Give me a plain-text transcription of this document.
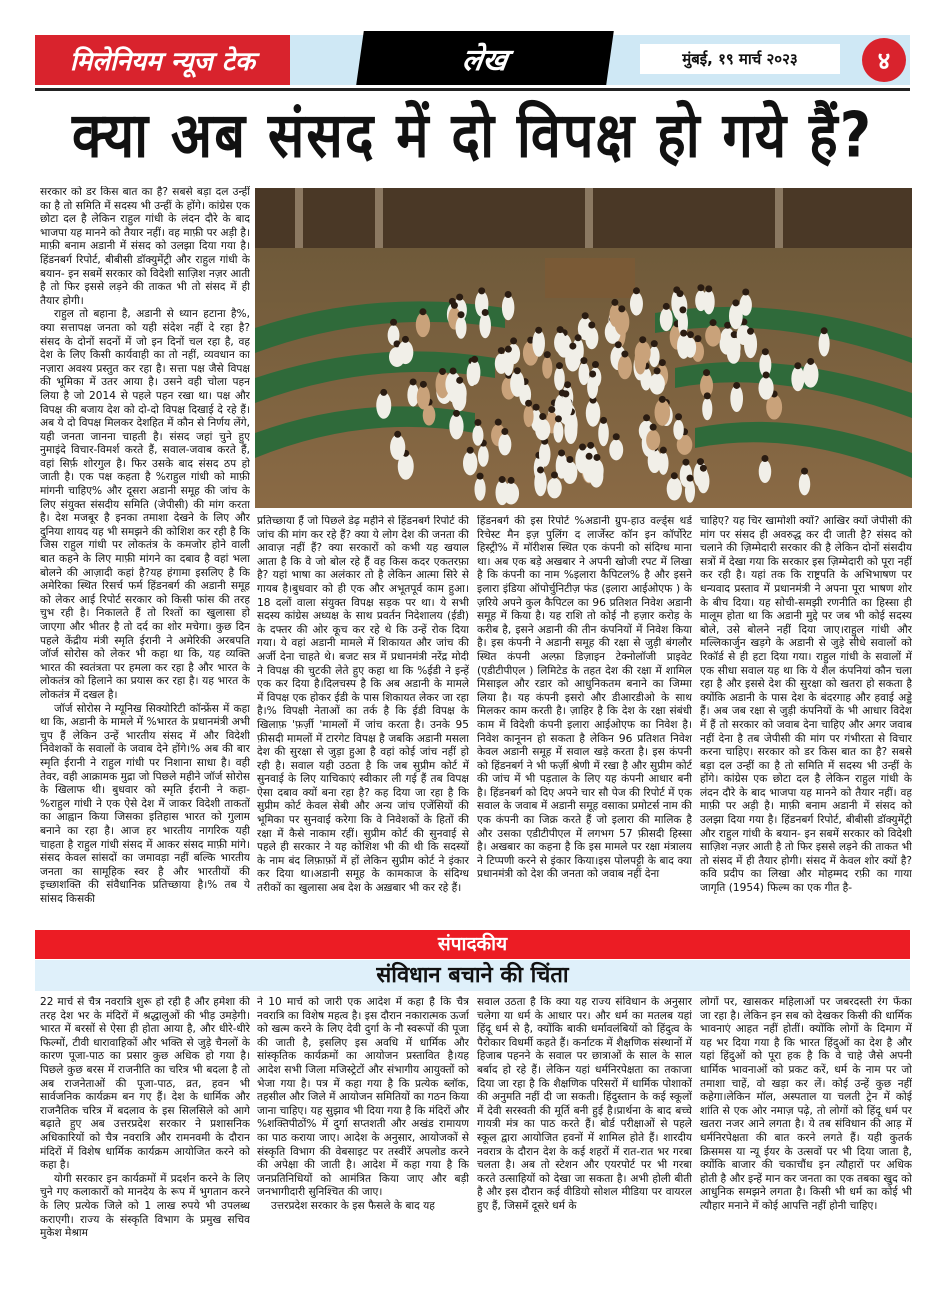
मिलेनियम न्यूज टेक	लेख	मुंबई, १९ मार्च २०२३	४
क्या अब संसद में दो विपक्ष हो गये हैं?

सरकार को डर किस बात का है? सबसे बड़ा दल उन्हीं का है तो समिति में सदस्य भी उन्हीं के होंगे। कांग्रेस एक छोटा दल है लेकिन राहुल गांधी के लंदन दौरे के बाद भाजपा यह मानने को तैयार नहीं। वह माफ़ी पर अड़ी है। माफ़ी बनाम अडानी में संसद को उलझा दिया गया है। हिंडनबर्ग रिपोर्ट, बीबीसी डॉक्युमेंट्री और राहुल गांधी के बयान- इन सबमें सरकार को विदेशी साज़िश नज़र आती है तो फिर इससे लड़ने की ताकत भी तो संसद में ही तैयार होगी।

राहुल तो बहाना है, अडानी से ध्यान हटाना है%, क्या सत्तापक्ष जनता को यही संदेश नहीं दे रहा है? संसद के दोनों सदनों में जो इन दिनों चल रहा है, वह देश के लिए किसी कार्यवाही का तो नहीं, व्यवधान का नज़ारा अवश्य प्रस्तुत कर रहा है। सत्ता पक्ष जैसे विपक्ष की भूमिका में उतर आया है। उसने वही चोला पहन लिया है जो 2014 से पहले पहन रखा था। पक्ष और विपक्ष की बजाय देश को दो-दो विपक्ष दिखाई दे रहे हैं। अब ये दो विपक्ष मिलकर देशहित में कौन से निर्णय लेंगे, यही जनता जानना चाहती है। संसद जहां चुने हुए नुमाइंदे विचार-विमर्श करते हैं, सवाल-जवाब करते हैं, वहां सिर्फ़ शोरगुल है। फिर उसके बाद संसद ठप हो जाती है। एक पक्ष कहता है %राहुल गांधी को माफ़ी मांगनी चाहिए% और दूसरा अडानी समूह की जांच के लिए संयुक्त संसदीय समिति (जेपीसी) की मांग करता है। देश मजबूर है इनका तमाशा देखने के लिए और दुनिया शायद यह भी समझने की कोशिश कर रही है कि जिस राहुल गांधी पर लोकतंत्र के कमजोर होने वाली बात कहने के लिए माफ़ी मांगने का दबाव है वहां भला बोलने की आज़ादी कहां है?यह हंगामा इसलिए है कि अमेरिका स्थित रिसर्च फर्म हिंडनबर्ग की अडानी समूह को लेकर आई रिपोर्ट सरकार को किसी फांस की तरह चुभ रही है। निकालते हैं तो रिश्तों का खुलासा हो जाएगा और भीतर है तो दर्द का शोर मचेगा। कुछ दिन पहले केंद्रीय मंत्री स्मृति ईरानी ने अमेरिकी अरबपति जॉर्ज सोरोस को लेकर भी कहा था कि, यह व्यक्ति भारत की स्वतंत्रता पर हमला कर रहा है और भारत के लोकतंत्र को हिलाने का प्रयास कर रहा है। यह भारत के लोकतंत्र में दखल है।

जॉर्ज सोरोस ने म्यूनिख सिक्योरिटी कॉन्फ्रेंस में कहा था कि, अडानी के मामले में %भारत के प्रधानमंत्री अभी चुप हैं लेकिन उन्हें भारतीय संसद में और विदेशी निवेशकों के सवालों के जवाब देने होंगे।% अब की बार स्मृति ईरानी ने राहुल गांधी पर निशाना साधा है। वही तेवर, वही आक्रामक मुद्रा जो पिछले महीने जॉर्ज सोरोस के खिलाफ थी। बुधवार को स्मृति ईरानी ने कहा- %राहुल गांधी ने एक ऐसे देश में जाकर विदेशी ताकतों का आह्वान किया जिसका इतिहास भारत को गुलाम बनाने का रहा है। आज हर भारतीय नागरिक यही चाहता है राहुल गांधी संसद में आकर संसद माफ़ी मांगे। संसद केवल सांसदों का जमावड़ा नहीं बल्कि भारतीय जनता का सामूहिक स्वर है और भारतीयों की इच्छाशक्ति की संवैधानिक प्रतिच्छाया है।% तब ये सांसद किसकी

प्रतिच्छाया हैं जो पिछले डेढ़ महीने से हिंडनबर्ग रिपोर्ट की जांच की मांग कर रहे हैं? क्या ये लोग देश की जनता की आवाज़ नहीं हैं? क्या सरकारों को कभी यह खयाल आता है कि वे जो बोल रहे हैं वह किस कदर एकतरफ़ा है? यहां भाषा का अलंकार तो है लेकिन आत्मा सिरे से गायब है।बुधवार को ही एक और अभूतपूर्व काम हुआ। 18 दलों वाला संयुक्त विपक्ष सड़क पर था। ये सभी सदस्य कांग्रेस अध्यक्ष के साथ प्रवर्तन निदेशालय (ईडी) के दफ्तर की ओर कूच कर रहे थे कि उन्हें रोक दिया गया। ये वहां अडानी मामले में शिकायत और जांच की अर्जी देना चाहते थे। बजट सत्र में प्रधानमंत्री नरेंद्र मोदी ने विपक्ष की चुटकी लेते हुए कहा था कि %ईडी ने इन्हें एक कर दिया है।दिलचस्प है कि अब अडानी के मामले में विपक्ष एक होकर ईडी के पास शिकायत लेकर जा रहा है।% विपक्षी नेताओं का तर्क है कि ईडी विपक्ष के खिलाफ़ 'फ़र्ज़ी 'मामलों में जांच करता है। उनके 95 फ़ीसदी मामलों में टारगेट विपक्ष है जबकि अडानी मसला देश की सुरक्षा से जुड़ा हुआ है वहां कोई जांच नहीं हो रही है। सवाल यही उठता है कि जब सुप्रीम कोर्ट में सुनवाई के लिए याचिकाएं स्वीकार ली गई हैं तब विपक्ष ऐसा दबाव क्यों बना रहा है? कह दिया जा रहा है कि सुप्रीम कोर्ट केवल सेबी और अन्य जांच एजेंसियों की भूमिका पर सुनवाई करेगा कि वे निवेशकों के हितों की रक्षा में कैसे नाकाम रहीं। सुप्रीम कोर्ट की सुनवाई से पहले ही सरकार ने यह कोशिश भी की थी कि सदस्यों के नाम बंद लिफ़ाफ़ों में हों लेकिन सुप्रीम कोर्ट ने इंकार कर दिया था।अडानी समूह के कामकाज के संदिग्ध तरीकों का खुलासा अब देश के अख़बार भी कर रहे हैं।

हिंडनबर्ग की इस रिपोर्ट %अडानी ग्रुप-हाउ वर्ल्ड्स थर्ड रिचेस्ट मैन इज़ पुलिंग द लार्जेस्ट कॉन इन कॉर्पोरेट हिस्ट्री% में मॉरीशस स्थित एक कंपनी को संदिग्ध माना था। अब एक बड़े अखबार ने अपनी खोजी रपट में लिखा है कि कंपनी का नाम %इलारा कैपिटल% है और इसने इलारा इंडिया ऑपोर्चुनिटीज़ फंड (इलारा आईओएफ ) के ज़रिये अपने कुल कैपिटल का 96 प्रतिशत निवेश अडानी समूह में किया है। यह राशि तो कोई नौ हज़ार करोड़ के करीब है, इसने अडानी की तीन कंपनियों में निवेश किया है। इस कंपनी ने अडानी समूह की रक्षा से जुड़ी बंगलौर स्थित कंपनी अल्फ़ा डिज़ाइन टेक्नोलॉजी प्राइवेट (एडीटीपीएल ) लिमिटेड के तहत देश की रक्षा में शामिल मिसाइल और रडार को आधुनिकतम बनाने का जिम्मा लिया है। यह कंपनी इसरो और डीआरडीओ के साथ मिलकर काम करती है। ज़ाहिर है कि देश के रक्षा संबंधी काम में विदेशी कंपनी इलारा आईओएफ का निवेश है।निवेश कानूनन हो सकता है लेकिन 96 प्रतिशत निवेश केवल अडानी समूह में सवाल खड़े करता है। इस कंपनी को हिंडनबर्ग ने भी फर्ज़ी श्रेणी में रखा है और सुप्रीम कोर्ट की जांच में भी पड़ताल के लिए यह कंपनी आधार बनी है। हिंडनबर्ग को दिए अपने चार सौ पेज की रिपोर्ट में एक सवाल के जवाब में अडानी समूह वसाका प्रमोटर्स नाम की एक कंपनी का जिक्र करते हैं जो इलारा की मालिक है और उसका एडीटीपीएल में लगभग 57 फ़ीसदी हिस्सा है। अखबार का कहना है कि इस मामले पर रक्षा मंत्रालय ने टिप्पणी करने से इंकार किया।इस पोलपट्टी के बाद क्या प्रधानमंत्री को देश की जनता को जवाब नहीं देना

चाहिए? यह चिर खामोशी क्यों? आखिर क्यों जेपीसी की मांग पर संसद ही अवरुद्ध कर दी जाती है? संसद को चलाने की ज़िम्मेदारी सरकार की है लेकिन दोनों संसदीय सत्रों में देखा गया कि सरकार इस ज़िम्मेदारी को पूरा नहीं कर रही है। यहां तक कि राष्ट्रपति के अभिभाषण पर धन्यवाद प्रस्ताव में प्रधानमंत्री ने अपना पूरा भाषण शोर के बीच दिया। यह सोची-समझी रणनीति का हिस्सा ही मालूम होता था कि अडानी मुद्दे पर जब भी कोई सदस्य बोले, उसे बोलने नहीं दिया जाए।राहुल गांधी और मल्लिकार्जुन खड़गे के अडानी से जुड़े सीधे सवालों को रिकॉर्ड से ही हटा दिया गया। राहुल गांधी के सवालों में एक सीधा सवाल यह था कि ये शैल कंपनियां कौन चला रहा है और इससे देश की सुरक्षा को खतरा हो सकता है क्योंकि अडानी के पास देश के बंदरगाह और हवाई अड्डे हैं। अब जब रक्षा से जुड़ी कंपनियों के भी आधार विदेश में हैं तो सरकार को जवाब देना चाहिए और अगर जवाब नहीं देना है तब जेपीसी की मांग पर गंभीरता से विचार करना चाहिए। सरकार को डर किस बात का है? सबसे बड़ा दल उन्हीं का है तो समिति में सदस्य भी उन्हीं के होंगे। कांग्रेस एक छोटा दल है लेकिन राहुल गांधी के लंदन दौरे के बाद भाजपा यह मानने को तैयार नहीं। वह माफ़ी पर अड़ी है। माफ़ी बनाम अडानी में संसद को उलझा दिया गया है। हिंडनबर्ग रिपोर्ट, बीबीसी डॉक्युमेंट्री और राहुल गांधी के बयान- इन सबमें सरकार को विदेशी साज़िश नज़र आती है तो फिर इससे लड़ने की ताकत भी तो संसद में ही तैयार होगी। संसद में केवल शोर क्यों है? कवि प्रदीप का लिखा और मोहम्मद रफ़ी का गाया जागृति (1954) फिल्म का एक गीत है-

संपादकीय
संविधान बचाने की चिंता

22 मार्च से चैत्र नवरात्रि शुरू हो रही है और हमेशा की तरह देश भर के मंदिरों में श्रद्धालुओं की भीड़ उमड़ेगी। भारत में बरसों से ऐसा ही होता आया है, और धीरे-धीरे फिल्मों, टीवी धारावाहिकों और भक्ति से जुड़े चैनलों के कारण पूजा-पाठ का प्रसार कुछ अधिक हो गया है। पिछले कुछ बरस में राजनीति का चरित्र भी बदला है तो अब राजनेताओं की पूजा-पाठ, व्रत, हवन भी सार्वजनिक कार्यक्रम बन गए हैं। देश के धार्मिक और राजनैतिक चरित्र में बदलाव के इस सिलसिले को आगे बढ़ाते हुए अब उत्तरप्रदेश सरकार ने प्रशासनिक अधिकारियों को चैत्र नवरात्रि और रामनवमी के दौरान मंदिरों में विशेष धार्मिक कार्यक्रम आयोजित करने को कहा है।

योगी सरकार इन कार्यक्रमों में प्रदर्शन करने के लिए चुने गए कलाकारों को मानदेय के रूप में भुगतान करने के लिए प्रत्येक जिले को 1 लाख रुपये भी उपलब्ध कराएगी। राज्य के संस्कृति विभाग के प्रमुख सचिव मुकेश मेश्राम

ने 10 मार्च को जारी एक आदेश में कहा है कि चैत्र नवरात्रि का विशेष महत्व है। इस दौरान नकारात्मक ऊर्जा को खत्म करने के लिए देवी दुर्गा के नौ स्वरूपों की पूजा की जाती है, इसलिए इस अवधि में धार्मिक और सांस्कृतिक कार्यक्रमों का आयोजन प्रस्तावित है।यह आदेश सभी जिला मजिस्ट्रेटों और संभागीय आयुक्तों को भेजा गया है। पत्र में कहा गया है कि प्रत्येक ब्लॉक, तहसील और जिले में आयोजन समितियों का गठन किया जाना चाहिए। यह सुझाव भी दिया गया है कि मंदिरों और %शक्तिपीठों% में दुर्गा सप्तशती और अखंड रामायण का पाठ कराया जाए। आदेश के अनुसार, आयोजकों से संस्कृति विभाग की वेबसाइट पर तस्वीरें अपलोड करने की अपेक्षा की जाती है। आदेश में कहा गया है कि जनप्रतिनिधियों को आमंत्रित किया जाए और बड़ी जनभागीदारी सुनिश्चित की जाए।

उत्तरप्रदेश सरकार के इस फैसले के बाद यह

सवाल उठता है कि क्या यह राज्य संविधान के अनुसार चलेगा या धर्म के आधार पर। और धर्म का मतलब यहां हिंदू धर्म से है, क्योंकि बाकी धर्मावलंबियों को हिंदुत्व के पैरोकार विधर्मी कहते हैं। कर्नाटक में शैक्षणिक संस्थानों में हिजाब पहनने के सवाल पर छात्राओं के साल के साल बर्बाद हो रहे हैं। लेकिन यहां धर्मनिरपेक्षता का तकाजा दिया जा रहा है कि शैक्षणिक परिसरों में धार्मिक पोशाकों की अनुमति नहीं दी जा सकती। हिंदुस्तान के कई स्कूलों में देवी सरस्वती की मूर्ति बनी हुई है।प्रार्थना के बाद बच्चे गायत्री मंत्र का पाठ करते हैं। बोर्ड परीक्षाओं से पहले स्कूल द्वारा आयोजित हवनों में शामिल होते हैं। शारदीय नवरात्र के दौरान देश के कई शहरों में रात-रात भर गरबा चलता है। अब तो स्टेशन और एयरपोर्ट पर भी गरबा करते उत्साहियों को देखा जा सकता है। अभी होली बीती है और इस दौरान कई वीडियो सोशल मीडिया पर वायरल हुए हैं, जिसमें दूसरे धर्म के

लोगों पर, खासकर महिलाओं पर जबरदस्ती रंग फेंका जा रहा है। लेकिन इन सब को देखकर किसी की धार्मिक भावनाएं आहत नहीं होतीं। क्योंकि लोगों के दिमाग में यह भर दिया गया है कि भारत हिंदुओं का देश है और यहां हिंदुओं को पूरा हक है कि वे चाहे जैसे अपनी धार्मिक भावनाओं को प्रकट करें, धर्म के नाम पर जो तमाशा चाहें, वो खड़ा कर लें। कोई उन्हें कुछ नहीं कहेगा।लेकिन मॉल, अस्पताल या चलती ट्रेन में कोई शांति से एक ओर नमाज़ पढ़े, तो लोगों को हिंदू धर्म पर खतरा नजर आने लगता है। ये तब संविधान की आड़ में धर्मनिरपेक्षता की बात करने लगते हैं। यही कुतर्क क्रिसमस या न्यू ईयर के उत्सवों पर भी दिया जाता है, क्योंकि बाजार की चकाचौंध इन त्यौहारों पर अधिक होती है और इन्हें मान कर जनता का एक तबका खुद को आधुनिक समझने लगता है। किसी भी धर्म का कोई भी त्यौहार मनाने में कोई आपत्ति नहीं होनी चाहिए।
